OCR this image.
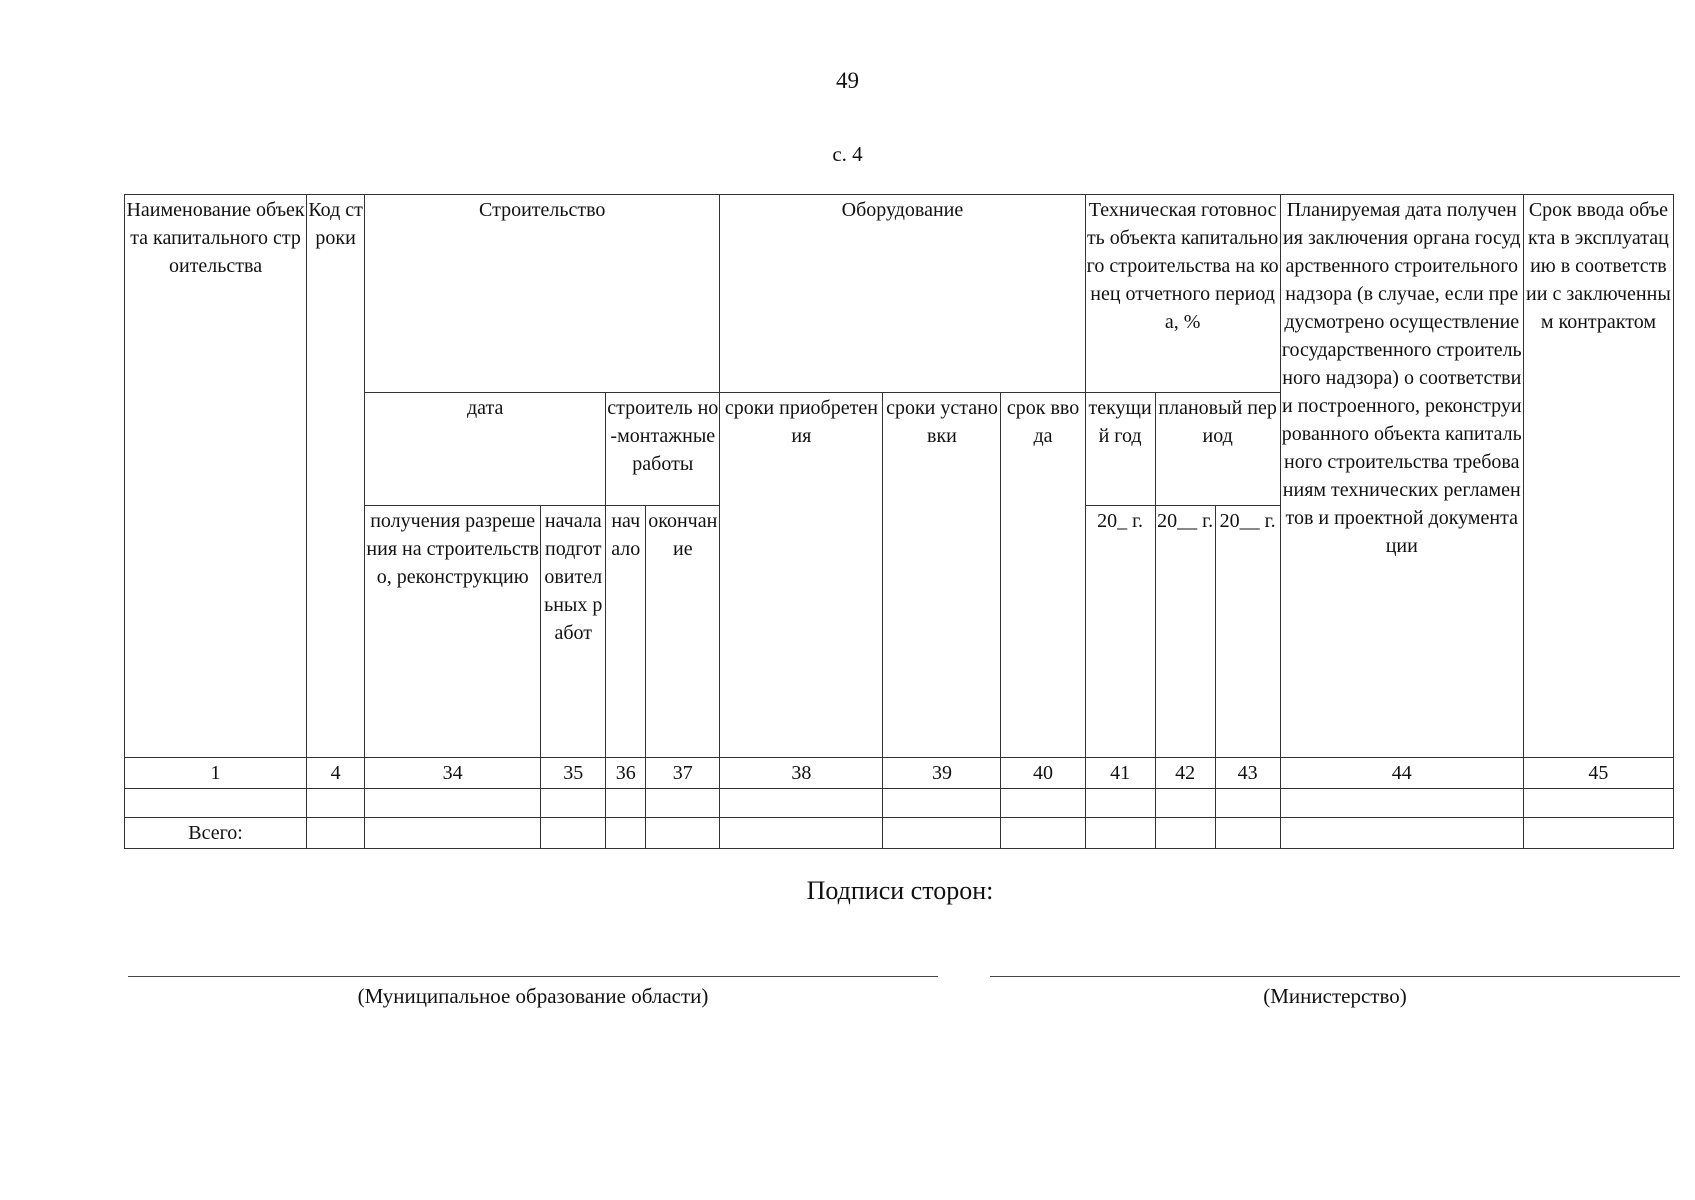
49
с. 4
Наименование объекта капитального строительства	Код строки	Строительство				Оборудование			Техническая готовность объекта капитального строительства на конец отчетного периода, %			Планируемая дата получения заключения органа государственного строительного надзора (в случае, если предусмотрено осуществление государственного строительного надзора) о соответствии построенного, реконструированного объекта капитального строительства требованиям технических регламентов и проектной документации	Срок ввода объекта в эксплуатацию в соответствии с заключенным контрактом
		дата		строитель но-монтажные работы		сроки приобретения	сроки установки	срок ввода	текущий год	плановый период			
		получения разрешения на строительство, реконструкцию	начала подготовительных работ	начало	окончание				20_ г.	20__ г.	20__ г.		
1	4	34	35	36	37	38	39	40	41	42	43	44	45

Всего:													
Подписи сторон:
(Муниципальное образование области)	(Министерство)
